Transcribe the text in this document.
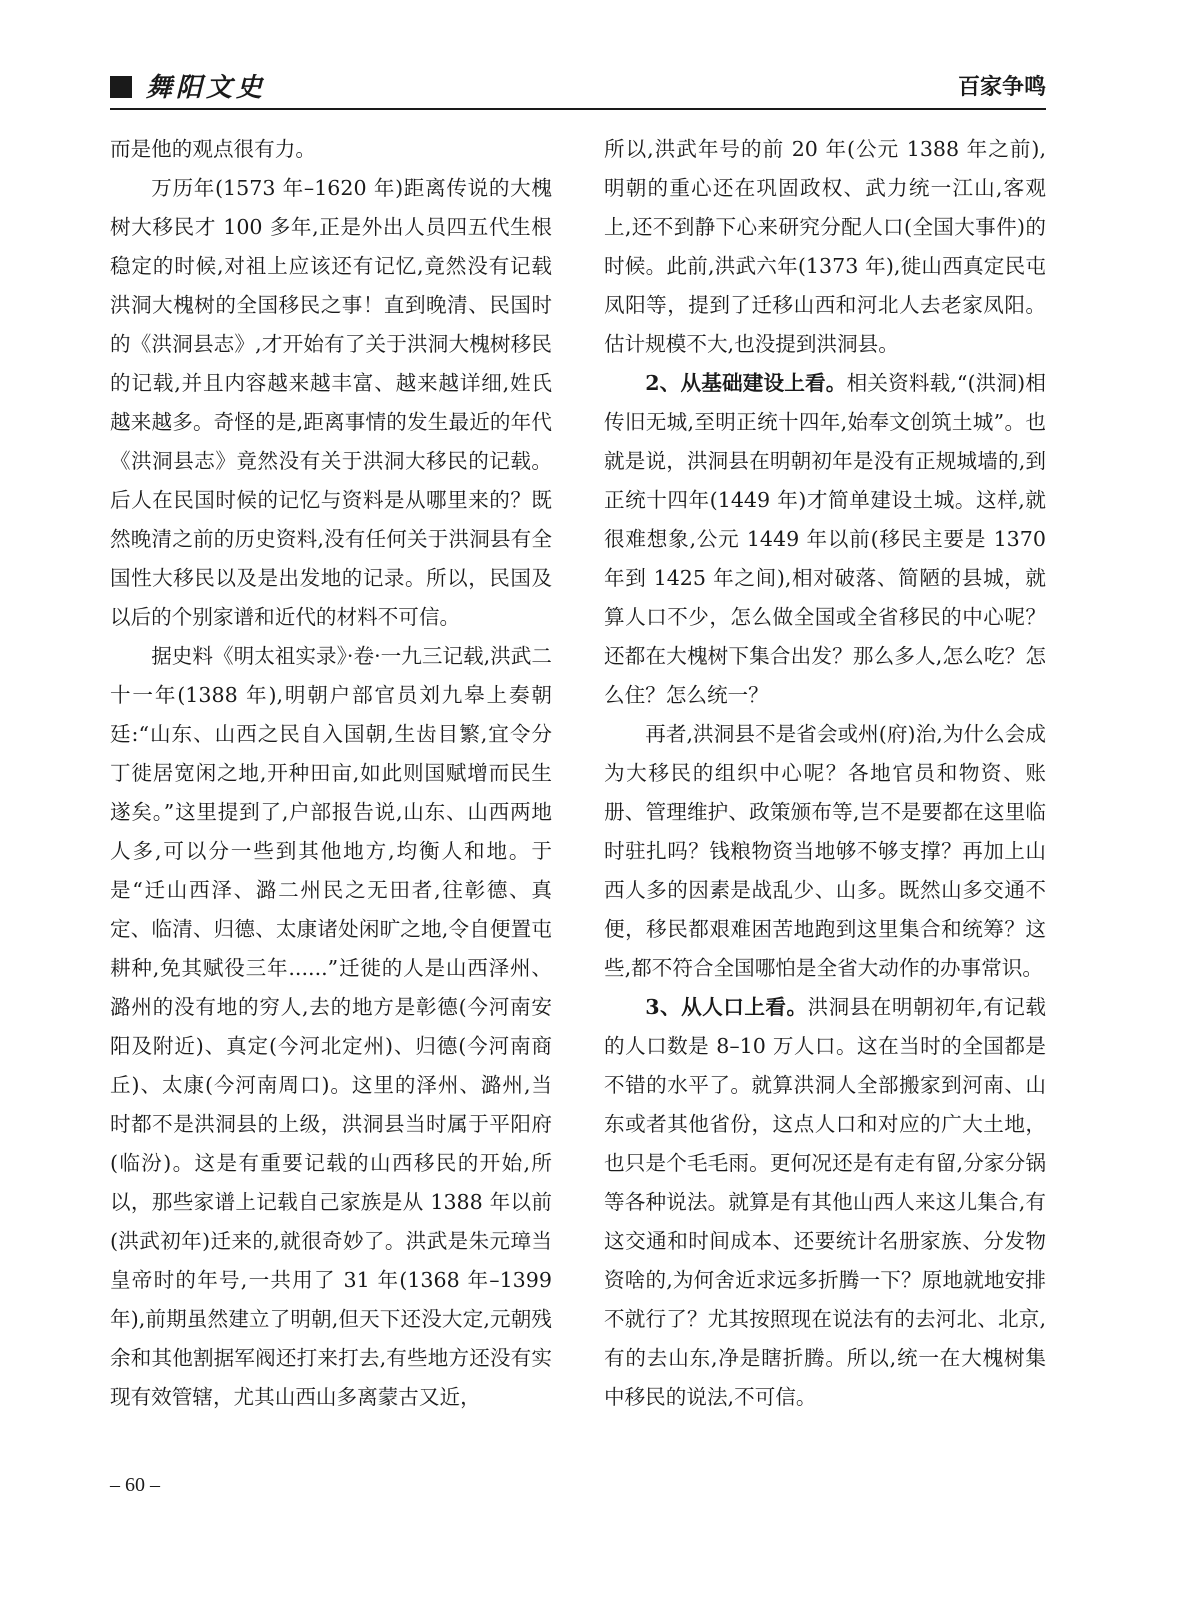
舞阳文史	百家争鸣

而是他的观点很有力。

万历年(1573 年–1620 年)距离传说的大槐树大移民才 100 多年,正是外出人员四五代生根稳定的时候,对祖上应该还有记忆,竟然没有记载洪洞大槐树的全国移民之事！直到晚清、民国时的《洪洞县志》,才开始有了关于洪洞大槐树移民的记载,并且内容越来越丰富、越来越详细,姓氏越来越多。奇怪的是,距离事情的发生最近的年代《洪洞县志》竟然没有关于洪洞大移民的记载。后人在民国时候的记忆与资料是从哪里来的？既然晚清之前的历史资料,没有任何关于洪洞县有全国性大移民以及是出发地的记录。所以，民国及以后的个别家谱和近代的材料不可信。

据史料《明太祖实录》·卷·一九三记载,洪武二十一年(1388 年),明朝户部官员刘九皋上奏朝廷:“山东、山西之民自入国朝,生齿目繁,宜令分丁徙居宽闲之地,开种田亩,如此则国赋增而民生遂矣。”这里提到了,户部报告说,山东、山西两地人多,可以分一些到其他地方,均衡人和地。于是“迁山西泽、潞二州民之无田者,往彰德、真定、临清、归德、太康诸处闲旷之地,令自便置屯耕种,免其赋役三年......”迁徙的人是山西泽州、潞州的没有地的穷人,去的地方是彰德(今河南安阳及附近)、真定(今河北定州)、归德(今河南商丘)、太康(今河南周口)。这里的泽州、潞州,当时都不是洪洞县的上级，洪洞县当时属于平阳府(临汾)。这是有重要记载的山西移民的开始,所以，那些家谱上记载自己家族是从 1388 年以前(洪武初年)迁来的,就很奇妙了。洪武是朱元璋当皇帝时的年号,一共用了 31 年(1368 年–1399 年),前期虽然建立了明朝,但天下还没大定,元朝残余和其他割据军阀还打来打去,有些地方还没有实现有效管辖，尤其山西山多离蒙古又近，

所以,洪武年号的前 20 年(公元 1388 年之前),明朝的重心还在巩固政权、武力统一江山,客观上,还不到静下心来研究分配人口(全国大事件)的时候。此前,洪武六年(1373 年),徙山西真定民屯凤阳等，提到了迁移山西和河北人去老家凤阳。估计规模不大,也没提到洪洞县。

2、从基础建设上看。相关资料载,“(洪洞)相传旧无城,至明正统十四年,始奉文创筑土城”。也就是说，洪洞县在明朝初年是没有正规城墙的,到正统十四年(1449 年)才简单建设土城。这样,就很难想象,公元 1449 年以前(移民主要是 1370 年到 1425 年之间),相对破落、简陋的县城，就算人口不少，怎么做全国或全省移民的中心呢？还都在大槐树下集合出发？那么多人,怎么吃？怎么住？怎么统一？

再者,洪洞县不是省会或州(府)治,为什么会成为大移民的组织中心呢？各地官员和物资、账册、管理维护、政策颁布等,岂不是要都在这里临时驻扎吗？钱粮物资当地够不够支撑？再加上山西人多的因素是战乱少、山多。既然山多交通不便，移民都艰难困苦地跑到这里集合和统筹？这些,都不符合全国哪怕是全省大动作的办事常识。

3、从人口上看。洪洞县在明朝初年,有记载的人口数是 8–10 万人口。这在当时的全国都是不错的水平了。就算洪洞人全部搬家到河南、山东或者其他省份，这点人口和对应的广大土地，也只是个毛毛雨。更何况还是有走有留,分家分锅等各种说法。就算是有其他山西人来这儿集合,有这交通和时间成本、还要统计名册家族、分发物资啥的,为何舍近求远多折腾一下？原地就地安排不就行了？尤其按照现在说法有的去河北、北京,有的去山东,净是瞎折腾。所以,统一在大槐树集中移民的说法,不可信。

– 60 –
